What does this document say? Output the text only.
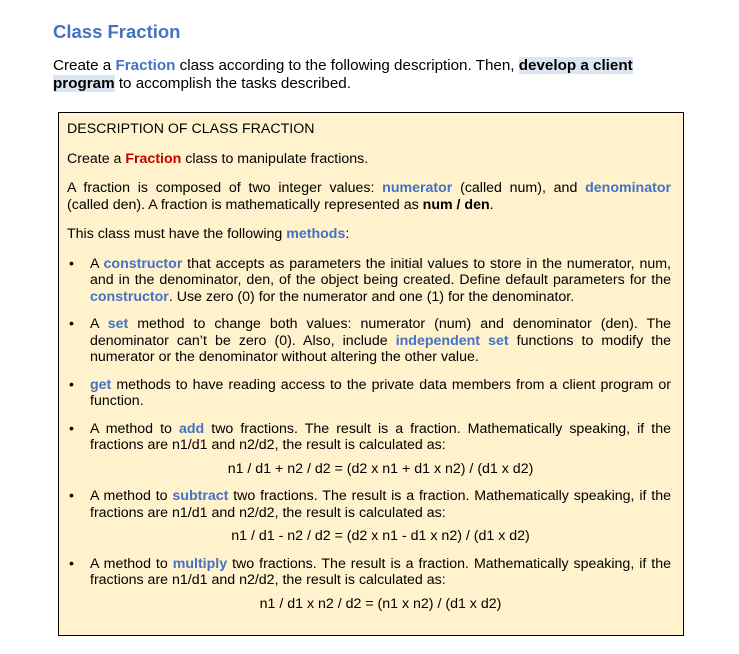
Class Fraction

Create a Fraction class according to the following description. Then, develop a client program to accomplish the tasks described.

DESCRIPTION OF CLASS FRACTION

Create a Fraction class to manipulate fractions.

A fraction is composed of two integer values: numerator (called num), and denominator (called den). A fraction is mathematically represented as num / den.

This class must have the following methods:

• A constructor that accepts as parameters the initial values to store in the numerator, num, and in the denominator, den, of the object being created. Define default parameters for the constructor. Use zero (0) for the numerator and one (1) for the denominator.
• A set method to change both values: numerator (num) and denominator (den). The denominator can’t be zero (0). Also, include independent set functions to modify the numerator or the denominator without altering the other value.
• get methods to have reading access to the private data members from a client program or function.
• A method to add two fractions. The result is a fraction. Mathematically speaking, if the fractions are n1/d1 and n2/d2, the result is calculated as:
n1 / d1 + n2 / d2 = (d2 x n1 + d1 x n2) / (d1 x d2)
• A method to subtract two fractions. The result is a fraction. Mathematically speaking, if the fractions are n1/d1 and n2/d2, the result is calculated as:
n1 / d1 - n2 / d2 = (d2 x n1 - d1 x n2) / (d1 x d2)
• A method to multiply two fractions. The result is a fraction. Mathematically speaking, if the fractions are n1/d1 and n2/d2, the result is calculated as:
n1 / d1 x n2 / d2 = (n1 x n2) / (d1 x d2)
